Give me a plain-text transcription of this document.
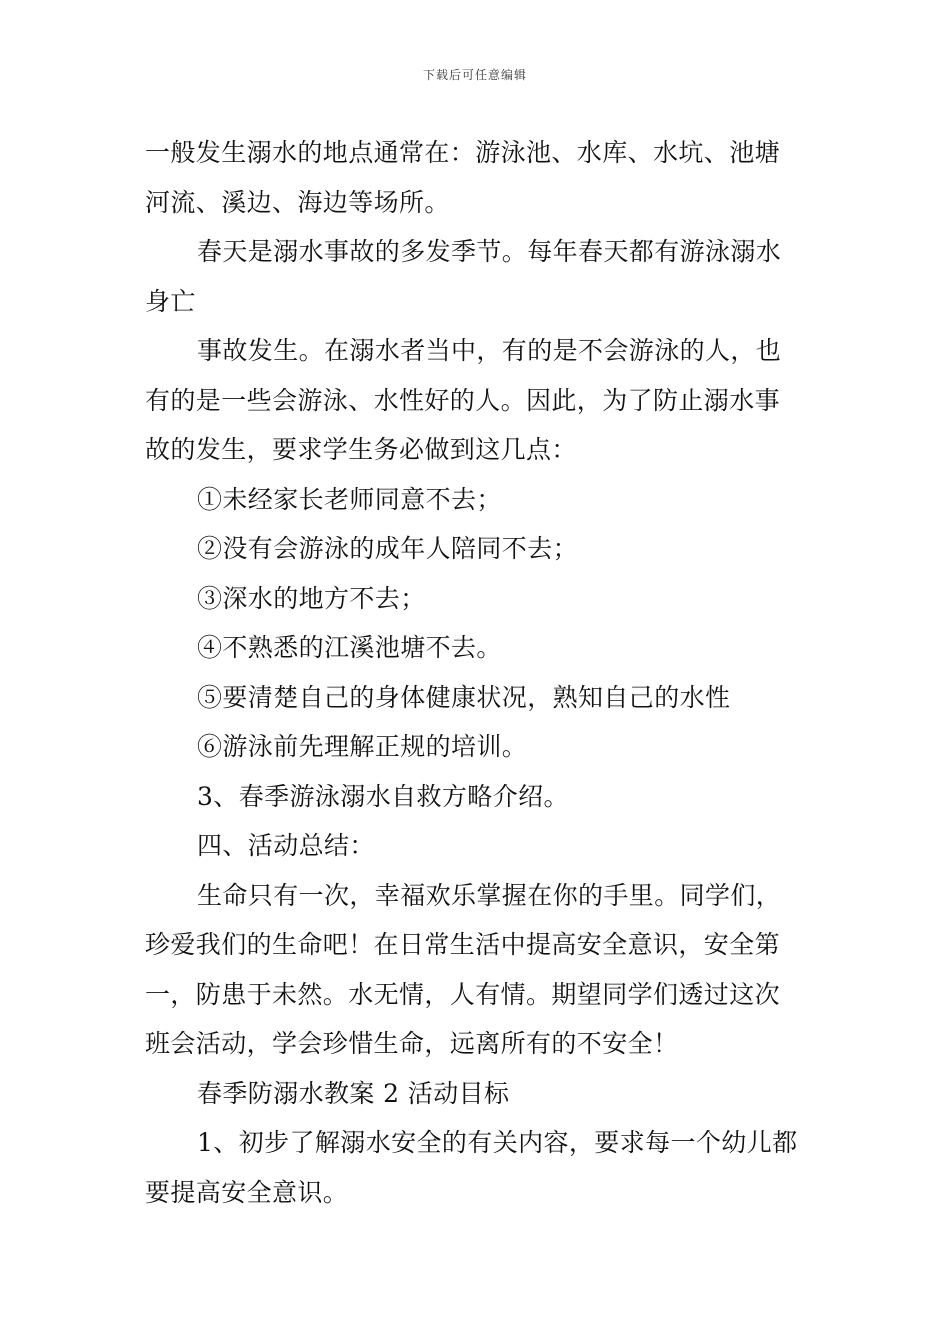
下载后可任意编辑
一般发生溺水的地点通常在：游泳池、水库、水坑、池塘
河流、溪边、海边等场所。
春天是溺水事故的多发季节。每年春天都有游泳溺水
身亡
事故发生。在溺水者当中，有的是不会游泳的人，也
有的是一些会游泳、水性好的人。因此，为了防止溺水事
故的发生，要求学生务必做到这几点：
①未经家长老师同意不去；
②没有会游泳的成年人陪同不去；
③深水的地方不去；
④不熟悉的江溪池塘不去。
⑤要清楚自己的身体健康状况，熟知自己的水性
⑥游泳前先理解正规的培训。
3、春季游泳溺水自救方略介绍。
四、活动总结：
生命只有一次，幸福欢乐掌握在你的手里。同学们，
珍爱我们的生命吧！在日常生活中提高安全意识，安全第
一，防患于未然。水无情，人有情。期望同学们透过这次
班会活动，学会珍惜生命，远离所有的不安全！
春季防溺水教案 2 活动目标
1、初步了解溺水安全的有关内容，要求每一个幼儿都
要提高安全意识。
